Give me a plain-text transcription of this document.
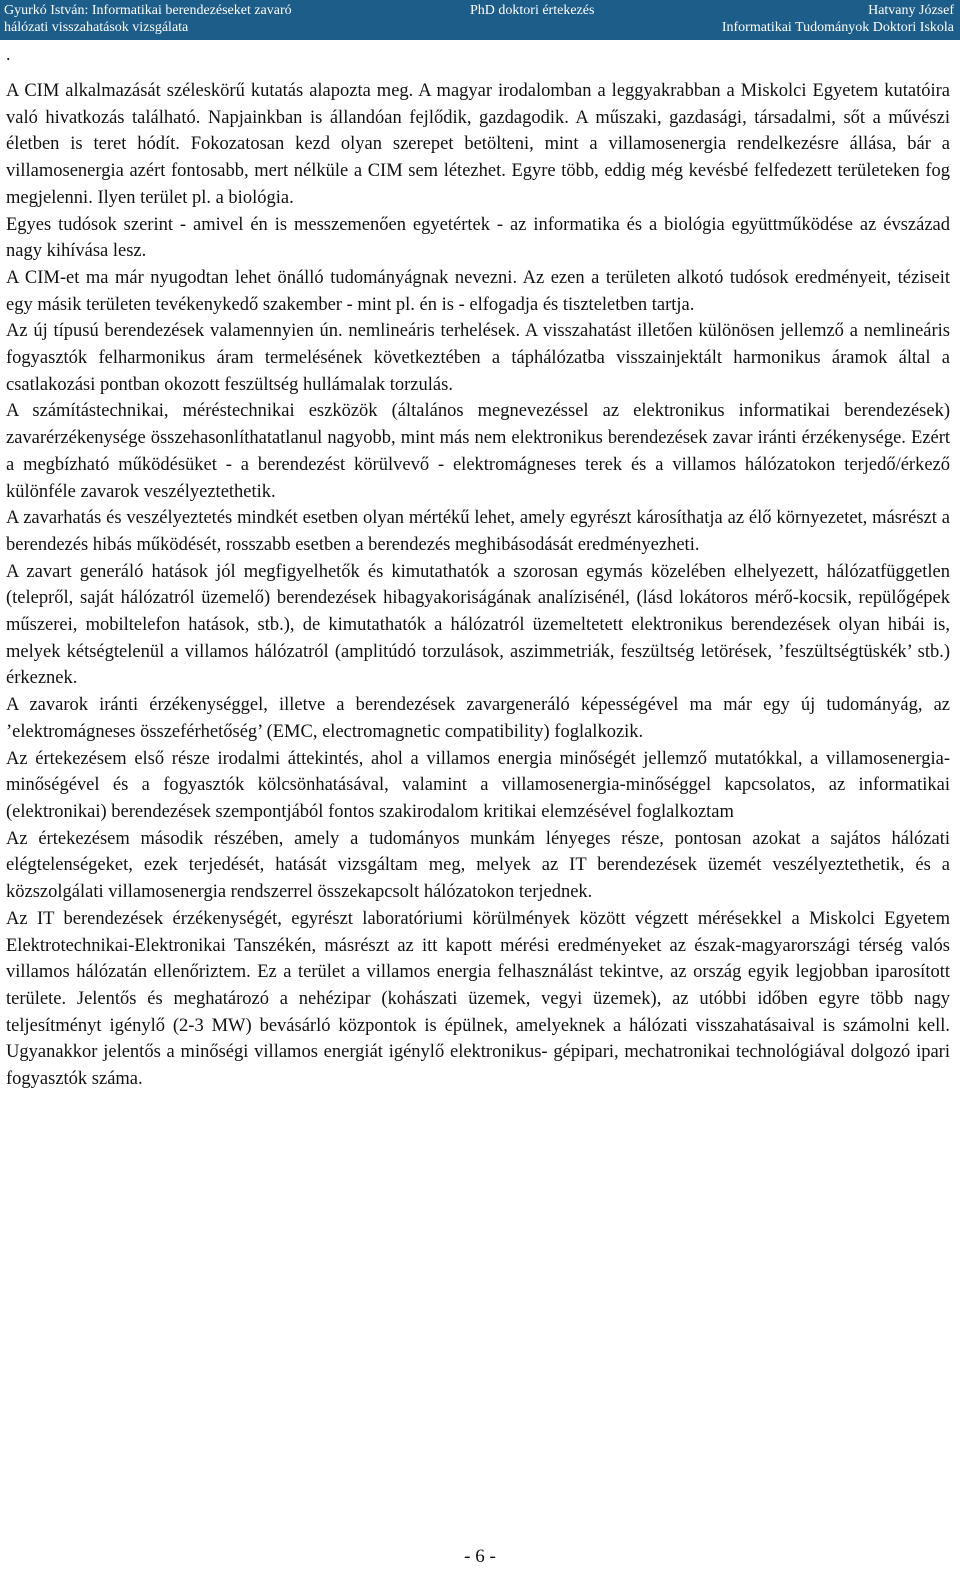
Gyurkó István: Informatikai berendezéseket zavaró
hálózati visszahatások vizsgálata
PhD doktori értekezés	Hatvany József
Informatikai Tudományok Doktori Iskola
.

A CIM alkalmazását széleskörű kutatás alapozta meg. A magyar irodalomban a leggyakrabban a Miskolci Egyetem kutatóira való hivatkozás található. Napjainkban is állandóan fejlődik, gazdagodik. A műszaki, gazdasági, társadalmi, sőt a művészi életben is teret hódít. Fokozatosan kezd olyan szerepet betölteni, mint a villamosenergia rendelkezésre állása, bár a villamosenergia azért fontosabb, mert nélküle a CIM sem létezhet. Egyre több, eddig még kevésbé felfedezett területeken fog megjelenni. Ilyen terület pl. a biológia.

Egyes tudósok szerint - amivel én is messzemenően egyetértek - az informatika és a biológia együttműködése az évszázad nagy kihívása lesz.

A CIM-et ma már nyugodtan lehet önálló tudományágnak nevezni. Az ezen a területen alkotó tudósok eredményeit, téziseit egy másik területen tevékenykedő szakember - mint pl. én is - elfogadja és tiszteletben tartja.

Az új típusú berendezések valamennyien ún. nemlineáris terhelések. A visszahatást illetően különösen jellemző a nemlineáris fogyasztók felharmonikus áram termelésének következtében a táphálózatba visszainjektált harmonikus áramok által a csatlakozási pontban okozott feszültség hullámalak torzulás.

A számítástechnikai, méréstechnikai eszközök (általános megnevezéssel az elektronikus informatikai berendezések) zavarérzékenysége összehasonlíthatatlanul nagyobb, mint más nem elektronikus berendezések zavar iránti érzékenysége. Ezért a megbízható működésüket - a berendezést körülvevő - elektromágneses terek és a villamos hálózatokon terjedő/érkező különféle zavarok veszélyeztethetik.

A zavarhatás és veszélyeztetés mindkét esetben olyan mértékű lehet, amely egyrészt károsíthatja az élő környezetet, másrészt a berendezés hibás működését, rosszabb esetben a berendezés meghibásodását eredményezheti.

A zavart generáló hatások jól megfigyelhetők és kimutathatók a szorosan egymás közelében elhelyezett, hálózatfüggetlen (telepről, saját hálózatról üzemelő) berendezések hibagyakoriságának analízisénél, (lásd lokátoros mérő-kocsik, repülőgépek műszerei, mobiltelefon hatások, stb.), de kimutathatók a hálózatról üzemeltetett elektronikus berendezések olyan hibái is, melyek kétségtelenül a villamos hálózatról (amplitúdó torzulások, aszimmetriák, feszültség letörések, ’feszültségtüskék’ stb.) érkeznek.

A zavarok iránti érzékenységgel, illetve a berendezések zavargeneráló képességével ma már egy új tudományág, az ’elektromágneses összeférhetőség’ (EMC, electromagnetic compatibility) foglalkozik.

Az értekezésem első része irodalmi áttekintés, ahol a villamos energia minőségét jellemző mutatókkal, a villamosenergia-minőségével és a fogyasztók kölcsönhatásával, valamint a villamosenergia-minőséggel kapcsolatos, az informatikai (elektronikai) berendezések szempontjából fontos szakirodalom kritikai elemzésével foglalkoztam

Az értekezésem második részében, amely a tudományos munkám lényeges része, pontosan azokat a sajátos hálózati elégtelenségeket, ezek terjedését, hatását vizsgáltam meg, melyek az IT berendezések üzemét veszélyeztethetik, és a közszolgálati villamosenergia rendszerrel összekapcsolt hálózatokon terjednek.

Az IT berendezések érzékenységét, egyrészt laboratóriumi körülmények között végzett mérésekkel a Miskolci Egyetem Elektrotechnikai-Elektronikai Tanszékén, másrészt az itt kapott mérési eredményeket az észak-magyarországi térség valós villamos hálózatán ellenőriztem. Ez a terület a villamos energia felhasználást tekintve, az ország egyik legjobban iparosított területe. Jelentős és meghatározó a nehézipar (kohászati üzemek, vegyi üzemek), az utóbbi időben egyre több nagy teljesítményt igénylő (2-3 MW) bevásárló központok is épülnek, amelyeknek a hálózati visszahatásaival is számolni kell. Ugyanakkor jelentős a minőségi villamos energiát igénylő elektronikus- gépipari, mechatronikai technológiával dolgozó ipari fogyasztók száma.

- 6 -
